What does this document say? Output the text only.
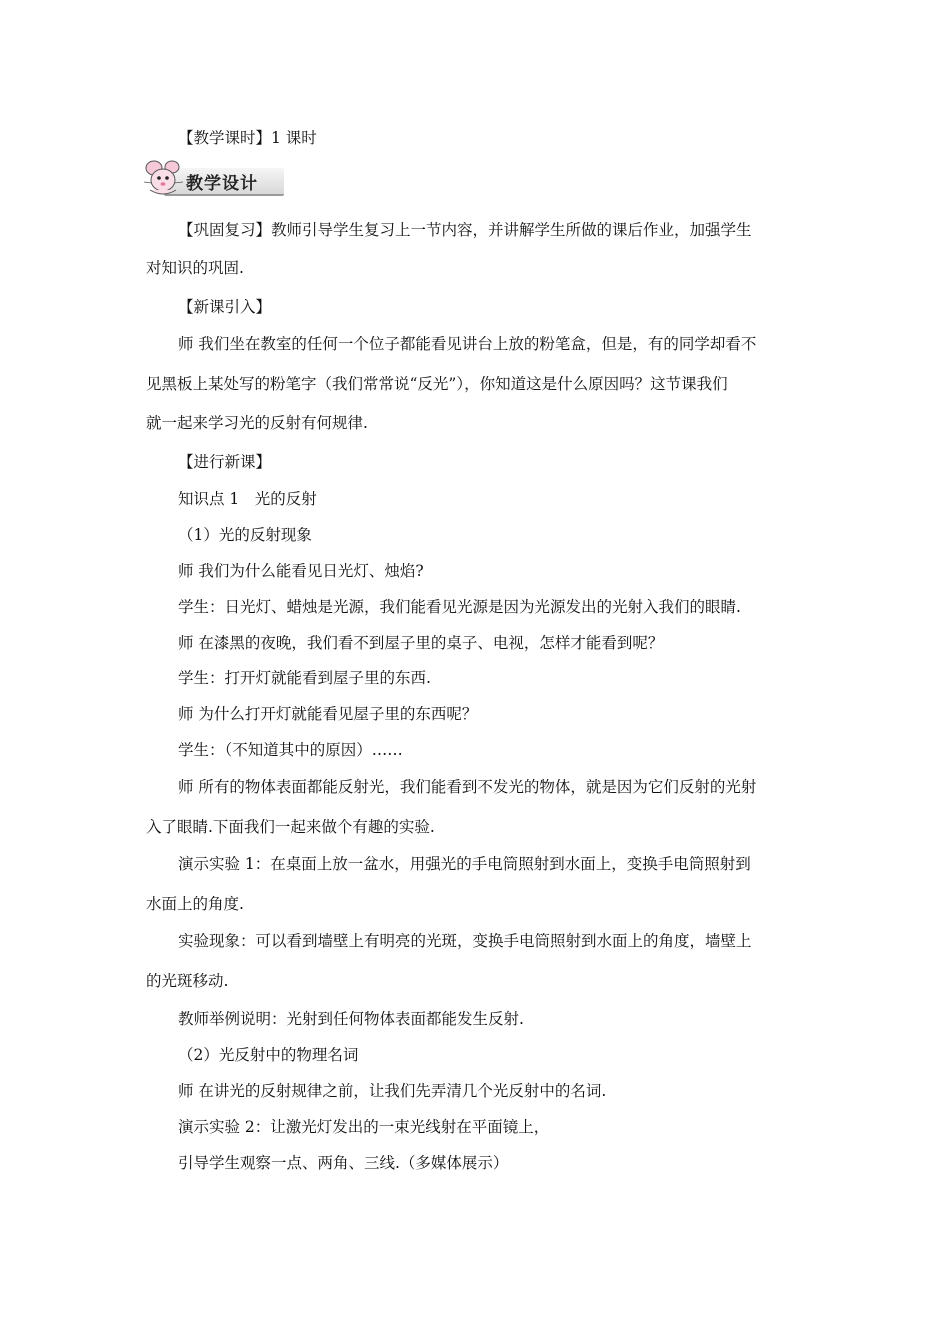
【教学课时】1 课时
教学设计
【巩固复习】教师引导学生复习上一节内容，并讲解学生所做的课后作业，加强学生
对知识的巩固.
【新课引入】
师 我们坐在教室的任何一个位子都能看见讲台上放的粉笔盒，但是，有的同学却看不
见黑板上某处写的粉笔字（我们常常说“反光”），你知道这是什么原因吗？这节课我们
就一起来学习光的反射有何规律.
【进行新课】
知识点 1　光的反射
（1）光的反射现象
师 我们为什么能看见日光灯、烛焰?
学生：日光灯、蜡烛是光源，我们能看见光源是因为光源发出的光射入我们的眼睛.
师 在漆黑的夜晚，我们看不到屋子里的桌子、电视，怎样才能看到呢？
学生：打开灯就能看到屋子里的东西.
师 为什么打开灯就能看见屋子里的东西呢？
学生：（不知道其中的原因）……
师 所有的物体表面都能反射光，我们能看到不发光的物体，就是因为它们反射的光射
入了眼睛.下面我们一起来做个有趣的实验.
演示实验 1：在桌面上放一盆水，用强光的手电筒照射到水面上，变换手电筒照射到
水面上的角度.
实验现象：可以看到墙壁上有明亮的光斑，变换手电筒照射到水面上的角度，墙壁上
的光斑移动.
教师举例说明：光射到任何物体表面都能发生反射.
（2）光反射中的物理名词
师 在讲光的反射规律之前，让我们先弄清几个光反射中的名词.
演示实验 2：让激光灯发出的一束光线射在平面镜上，
引导学生观察一点、两角、三线.（多媒体展示）
